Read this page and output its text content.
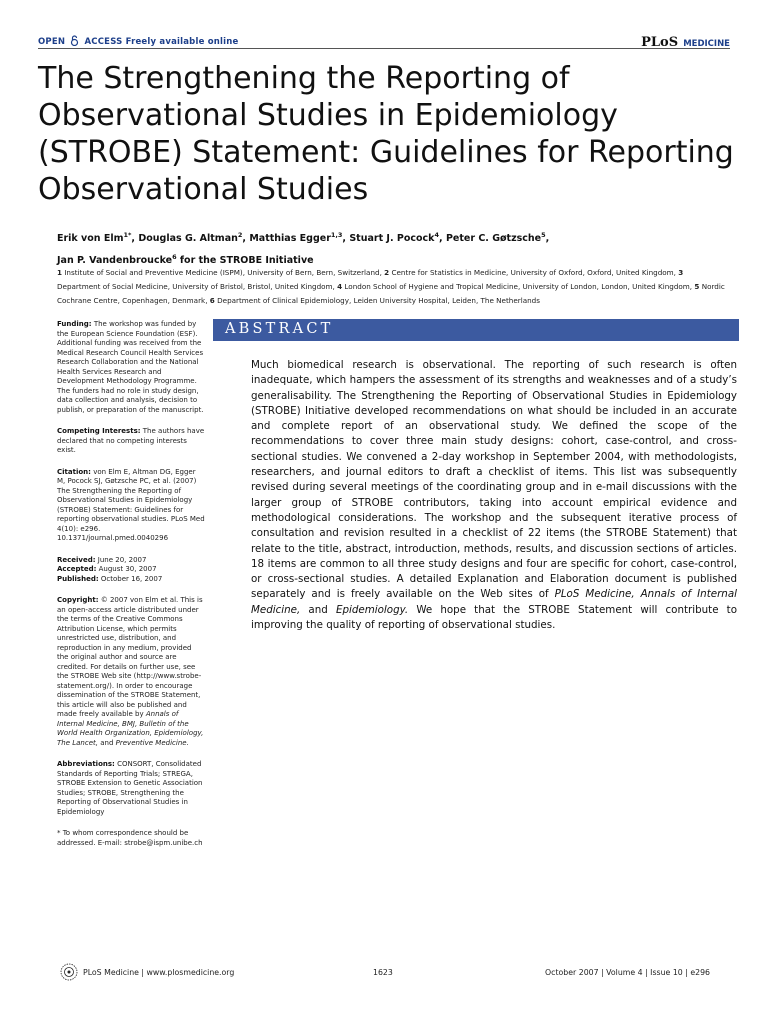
OPEN ACCESS Freely available online	PLoS MEDICINE
The Strengthening the Reporting of Observational Studies in Epidemiology (STROBE) Statement: Guidelines for Reporting Observational Studies
Erik von Elm$^{1*}$, Douglas G. Altman$^2$, Matthias Egger$^{1,3}$, Stuart J. Pocock$^4$, Peter C. Gøtzsche$^5$,
Jan P. Vandenbroucke$^6$ for the STROBE Initiative
1 Institute of Social and Preventive Medicine (ISPM), University of Bern, Bern, Switzerland, 2 Centre for Statistics in Medicine, University of Oxford, Oxford, United Kingdom, 3 Department of Social Medicine, University of Bristol, Bristol, United Kingdom, 4 London School of Hygiene and Tropical Medicine, University of London, London, United Kingdom, 5 Nordic Cochrane Centre, Copenhagen, Denmark, 6 Department of Clinical Epidemiology, Leiden University Hospital, Leiden, The Netherlands

Funding: The workshop was funded by the European Science Foundation (ESF). Additional funding was received from the Medical Research Council Health Services Research Collaboration and the National Health Services Research and Development Methodology Programme. The funders had no role in study design, data collection and analysis, decision to publish, or preparation of the manuscript.

Competing Interests: The authors have declared that no competing interests exist.

Citation: von Elm E, Altman DG, Egger M, Pocock SJ, Gøtzsche PC, et al. (2007) The Strengthening the Reporting of Observational Studies in Epidemiology (STROBE) Statement: Guidelines for reporting observational studies. PLoS Med 4(10): e296. 10.1371/journal.pmed.0040296

Received: June 20, 2007
Accepted: August 30, 2007
Published: October 16, 2007

Copyright: © 2007 von Elm et al. This is an open-access article distributed under the terms of the Creative Commons Attribution License, which permits unrestricted use, distribution, and reproduction in any medium, provided the original author and source are credited. For details on further use, see the STROBE Web site (http://www.strobe-statement.org/). In order to encourage dissemination of the STROBE Statement, this article will also be published and made freely available by Annals of Internal Medicine, BMJ, Bulletin of the World Health Organization, Epidemiology, The Lancet, and Preventive Medicine.

Abbreviations: CONSORT, Consolidated Standards of Reporting Trials; STREGA, STROBE Extension to Genetic Association Studies; STROBE, Strengthening the Reporting of Observational Studies in Epidemiology

* To whom correspondence should be addressed. E-mail: strobe@ispm.unibe.ch

ABSTRACT

Much biomedical research is observational. The reporting of such research is often inadequate, which hampers the assessment of its strengths and weaknesses and of a study’s generalisability. The Strengthening the Reporting of Observational Studies in Epidemiology (STROBE) Initiative developed recommendations on what should be included in an accurate and complete report of an observational study. We defined the scope of the recommendations to cover three main study designs: cohort, case-control, and cross-sectional studies. We convened a 2-day workshop in September 2004, with methodologists, researchers, and journal editors to draft a checklist of items. This list was subsequently revised during several meetings of the coordinating group and in e-mail discussions with the larger group of STROBE contributors, taking into account empirical evidence and methodological considerations. The workshop and the subsequent iterative process of consultation and revision resulted in a checklist of 22 items (the STROBE Statement) that relate to the title, abstract, introduction, methods, results, and discussion sections of articles. 18 items are common to all three study designs and four are specific for cohort, case-control, or cross-sectional studies. A detailed Explanation and Elaboration document is published separately and is freely available on the Web sites of PLoS Medicine, Annals of Internal Medicine, and Epidemiology. We hope that the STROBE Statement will contribute to improving the quality of reporting of observational studies.

PLoS Medicine | www.plosmedicine.org	1623	October 2007 | Volume 4 | Issue 10 | e296
